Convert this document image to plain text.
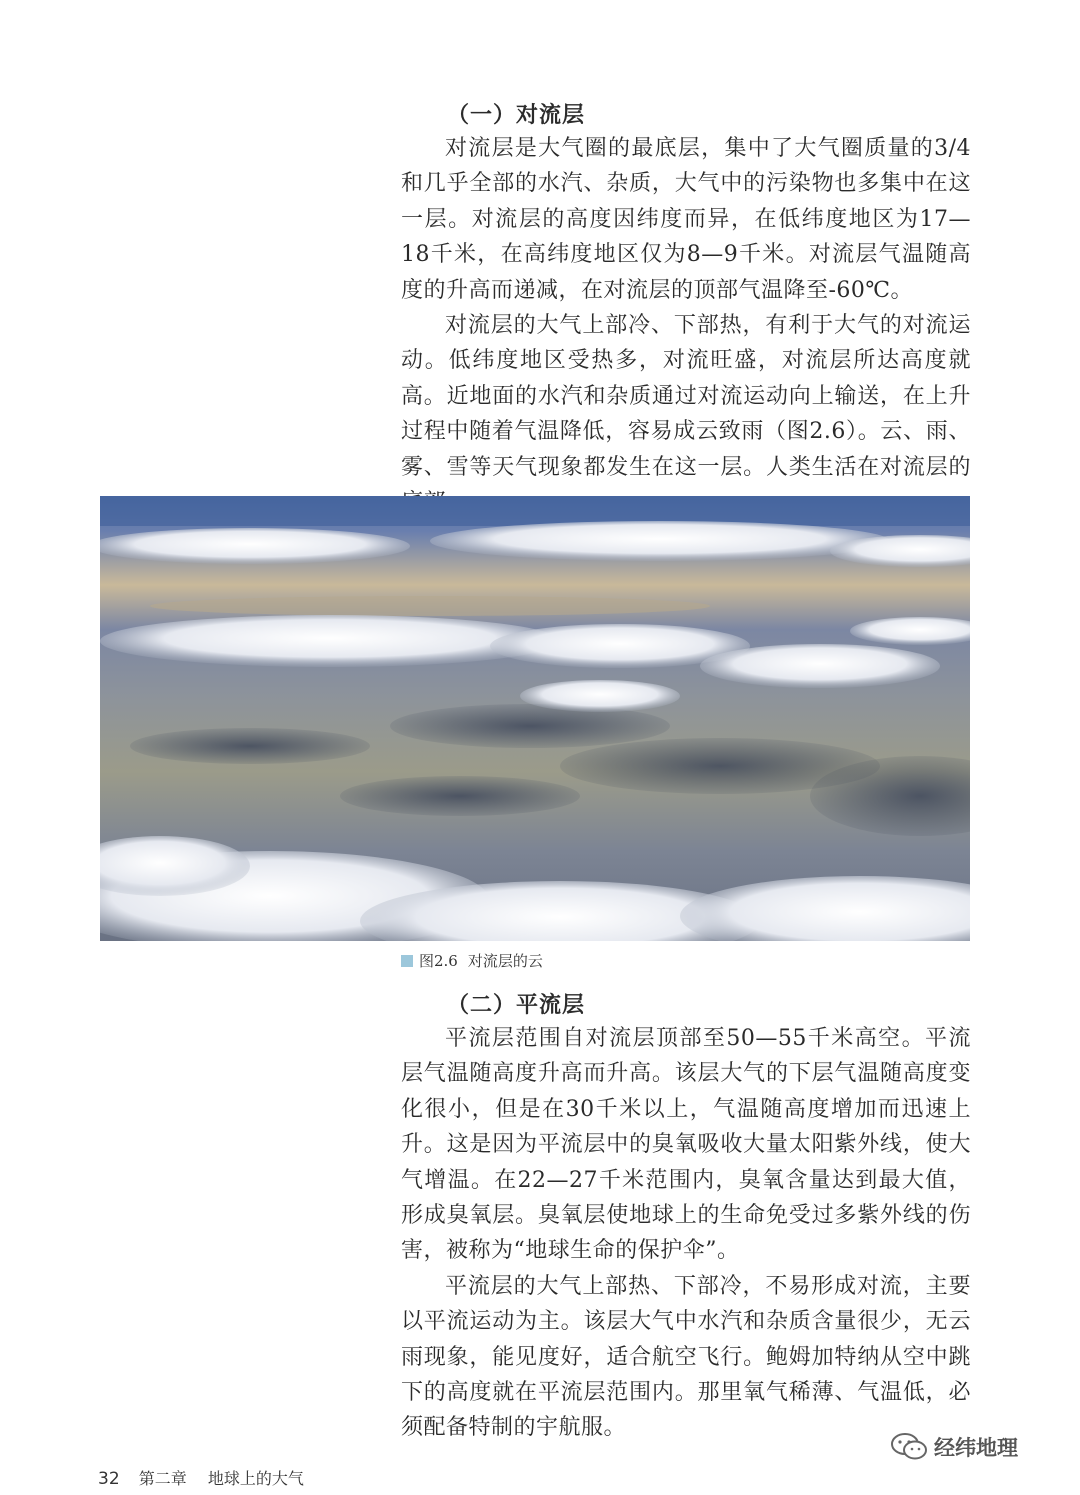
（一）对流层

对流层是大气圈的最底层，集中了大气圈质量的3/4和几乎全部的水汽、杂质，大气中的污染物也多集中在这一层。对流层的高度因纬度而异，在低纬度地区为17—18千米，在高纬度地区仅为8—9千米。对流层气温随高度的升高而递减，在对流层的顶部气温降至-60℃。

对流层的大气上部冷、下部热，有利于大气的对流运动。低纬度地区受热多，对流旺盛，对流层所达高度就高。近地面的水汽和杂质通过对流运动向上输送，在上升过程中随着气温降低，容易成云致雨（图2.6）。云、雨、雾、雪等天气现象都发生在这一层。人类生活在对流层的

图2.6 对流层的云
（二）平流层

平流层范围自对流层顶部至50—55千米高空。平流层气温随高度升高而升高。该层大气的下层气温随高度变化很小，但是在30千米以上，气温随高度增加而迅速上升。这是因为平流层中的臭氧吸收大量太阳紫外线，使大气增温。在22—27千米范围内，臭氧含量达到最大值，形成臭氧层。臭氧层使地球上的生命免受过多紫外线的伤害，被称为“地球生命的保护伞”。

平流层的大气上部热、下部冷，不易形成对流，主要以平流运动为主。该层大气中水汽和杂质含量很少，无云雨现象，能见度好，适合航空飞行。鲍姆加特纳从空中跳下的高度就在平流层范围内。那里氧气稀薄、气温低，必须配备特制的宇航服。

32 第二章 地球上的大气
经纬地理
